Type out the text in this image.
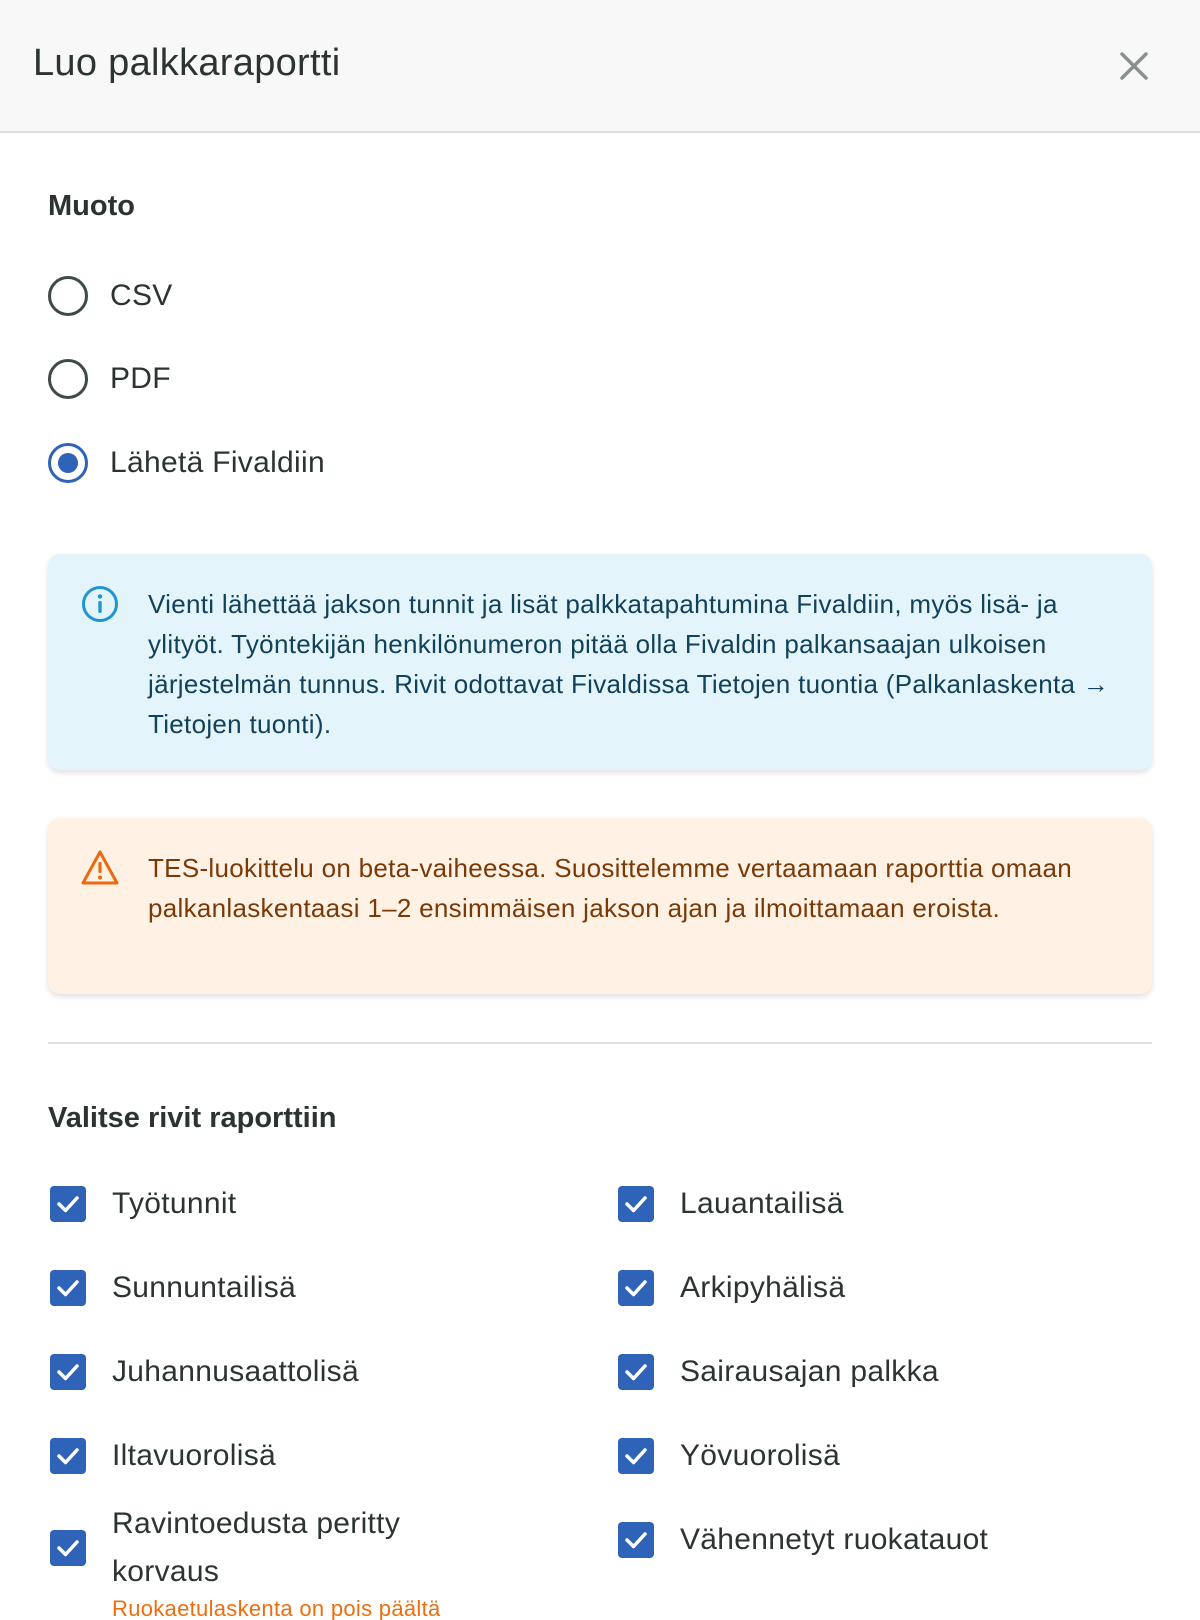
Luo palkkaraportti
Muoto
CSV
PDF
Lähetä Fivaldiin
Vienti lähettää jakson tunnit ja lisät palkkatapahtumina Fivaldiin, myös lisä- ja ylityöt. Työntekijän henkilönumeron pitää olla Fivaldin palkansaajan ulkoisen järjestelmän tunnus. Rivit odottavat Fivaldissa Tietojen tuontia (Palkanlaskenta → Tietojen tuonti).
TES-luokittelu on beta-vaiheessa. Suosittelemme vertaamaan raporttia omaan palkanlaskentaasi 1–2 ensimmäisen jakson ajan ja ilmoittamaan eroista.
Valitse rivit raporttiin
Työtunnit
Sunnuntailisä
Juhannusaattolisä
Iltavuorolisä
Ravintoedusta peritty korvaus
Ruokaetulaskenta on pois päältä
Lauantailisä
Arkipyhälisä
Sairausajan palkka
Yövuorolisä
Vähennetyt ruokatauot
